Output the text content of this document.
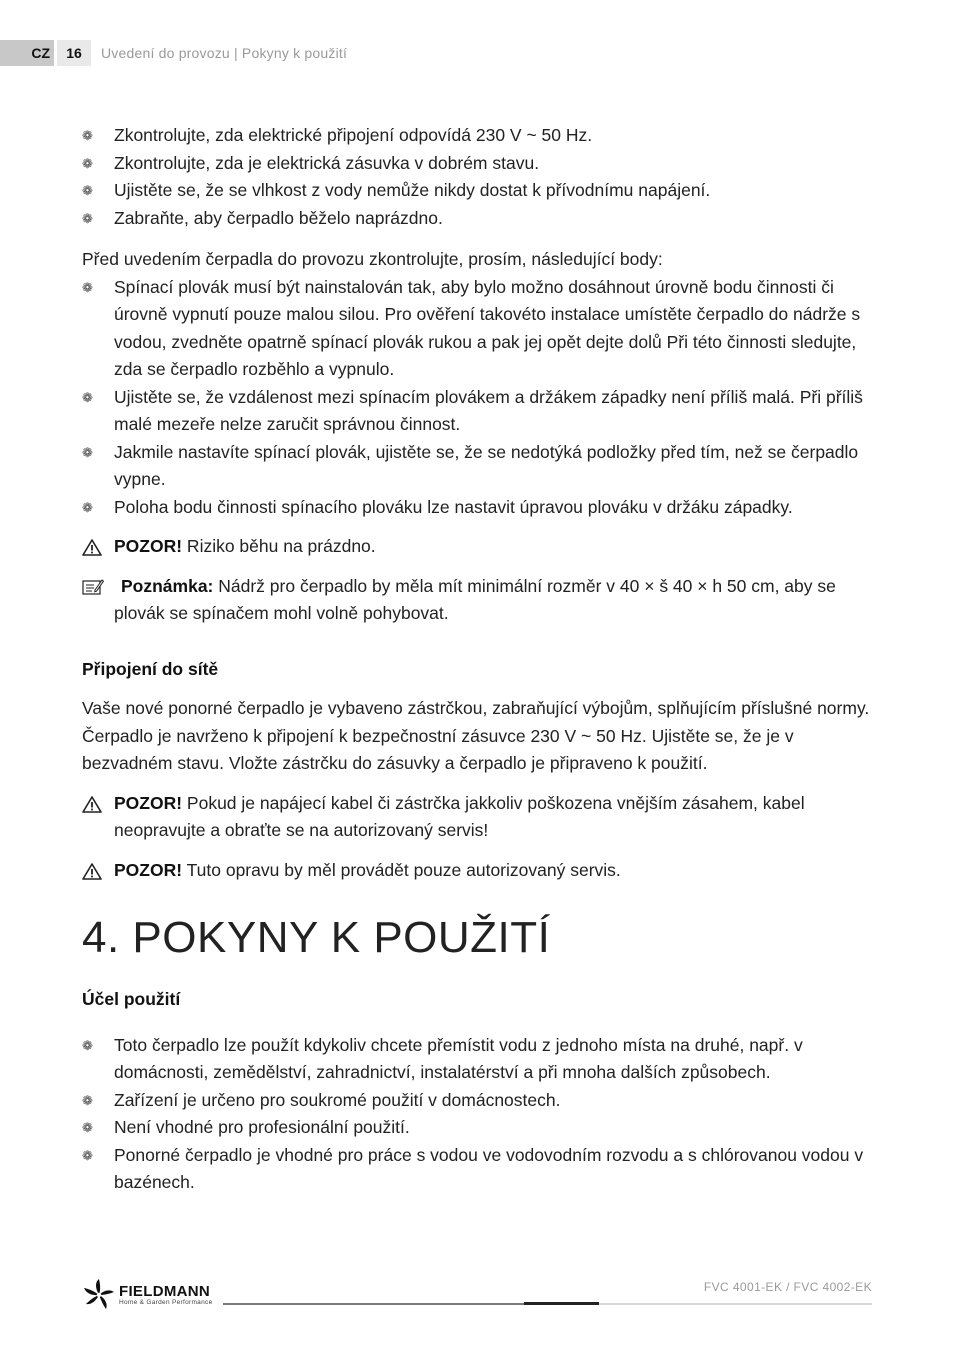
CZ	16	Uvedení do provozu | Pokyny k použití
❁ Zkontrolujte, zda elektrické připojení odpovídá 230 V ~ 50 Hz.
❁ Zkontrolujte, zda je elektrická zásuvka v dobrém stavu.
❁ Ujistěte se, že se vlhkost z vody nemůže nikdy dostat k přívodnímu napájení.
❁ Zabraňte, aby čerpadlo běželo naprázdno.

Před uvedením čerpadla do provozu zkontrolujte, prosím, následující body:

❁ Spínací plovák musí být nainstalován tak, aby bylo možno dosáhnout úrovně bodu činnosti či úrovně vypnutí pouze malou silou. Pro ověření takovéto instalace umístěte čerpadlo do nádrže s vodou, zvedněte opatrně spínací plovák rukou a pak jej opět dejte dolů Při této činnosti sledujte, zda se čerpadlo rozběhlo a vypnulo.
❁ Ujistěte se, že vzdálenost mezi spínacím plovákem a držákem západky není příliš malá. Při příliš malé mezeře nelze zaručit správnou činnost.
❁ Jakmile nastavíte spínací plovák, ujistěte se, že se nedotýká podložky před tím, než se čerpadlo vypne.
❁ Poloha bodu činnosti spínacího plováku lze nastavit úpravou plováku v držáku západky.
POZOR! Riziko běhu na prázdno.
Poznámka: Nádrž pro čerpadlo by měla mít minimální rozměr v 40 × š 40 × h 50 cm, aby se plovák se spínačem mohl volně pohybovat.
Připojení do sítě

Vaše nové ponorné čerpadlo je vybaveno zástrčkou, zabraňující výbojům, splňujícím příslušné normy. Čerpadlo je navrženo k připojení k bezpečnostní zásuvce 230 V ~ 50 Hz. Ujistěte se, že je v bezvadném stavu. Vložte zástrčku do zásuvky a čerpadlo je připraveno k použití.

POZOR! Pokud je napájecí kabel či zástrčka jakkoliv poškozena vnějším zásahem, kabel neopravujte a obraťte se na autorizovaný servis!
POZOR! Tuto opravu by měl provádět pouze autorizovaný servis.
4. POKYNY K POUŽITÍ
Účel použití
❁ Toto čerpadlo lze použít kdykoliv chcete přemístit vodu z jednoho místa na druhé, např. v domácnosti, zemědělství, zahradnictví, instalatérství a při mnoha dalších způsobech.
❁ Zařízení je určeno pro soukromé použití v domácnostech.
❁ Není vhodné pro profesionální použití.
❁ Ponorné čerpadlo je vhodné pro práce s vodou ve vodovodním rozvodu a s chlórovanou vodou v bazénech.
FIELDMANN
Home & Garden Performance
FVC 4001-EK / FVC 4002-EK
